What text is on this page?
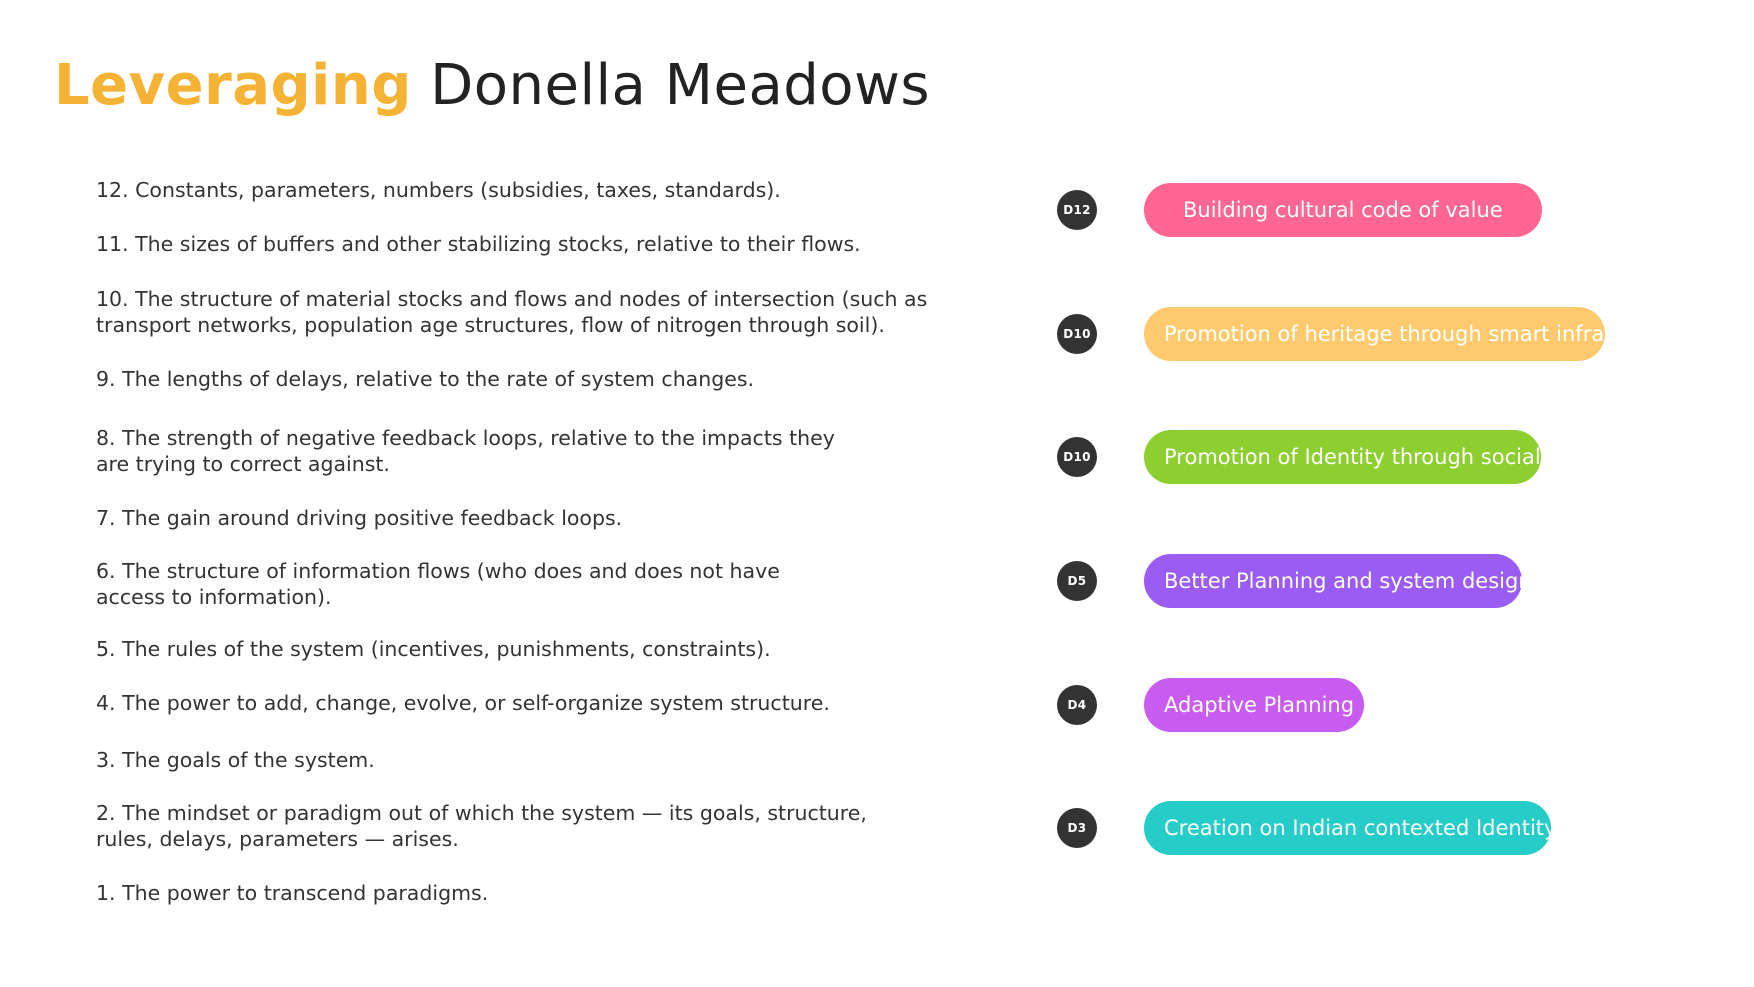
Leveraging Donella Meadows
12. Constants, parameters, numbers (subsidies, taxes, standards).
11. The sizes of buffers and other stabilizing stocks, relative to their flows.
10. The structure of material stocks and flows and nodes of intersection (such as
transport networks, population age structures, flow of nitrogen through soil).
9. The lengths of delays, relative to the rate of system changes.
8. The strength of negative feedback loops, relative to the impacts they
are trying to correct against.
7. The gain around driving positive feedback loops.
6. The structure of information flows (who does and does not have
access to information).
5. The rules of the system (incentives, punishments, constraints).
4. The power to add, change, evolve, or self-organize system structure.
3. The goals of the system.
2. The mindset or paradigm out of which the system — its goals, structure,
rules, delays, parameters — arises.
1. The power to transcend paradigms.
D12	Building cultural code of value
D10	Promotion of heritage through smart infra
D10	Promotion of Identity through social
D5	Better Planning and system design
D4	Adaptive Planning
D3	Creation on Indian contexted Identity
